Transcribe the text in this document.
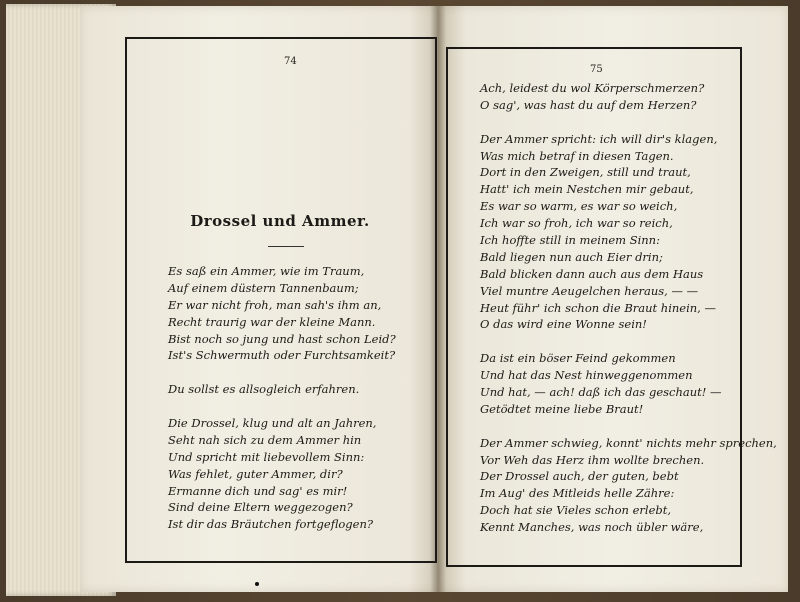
74
75
Drossel und Ammer.
Es saß ein Ammer, wie im Traum,
Auf einem düstern Tannenbaum;
Er war nicht froh, man sah's ihm an,
Recht traurig war der kleine Mann.
Bist noch so jung und hast schon Leid?
Ist's Schwermuth oder Furchtsamkeit?
Du sollst es allsogleich erfahren.
Die Drossel, klug und alt an Jahren,
Seht nah sich zu dem Ammer hin
Und spricht mit liebevollem Sinn:
Was fehlet, guter Ammer, dir?
Ermanne dich und sag' es mir!
Sind deine Eltern weggezogen?
Ist dir das Bräutchen fortgeflogen?
Ach, leidest du wol Körperschmerzen?
O sag', was hast du auf dem Herzen?
Der Ammer spricht: ich will dir's klagen,
Was mich betraf in diesen Tagen.
Dort in den Zweigen, still und traut,
Hatt' ich mein Nestchen mir gebaut,
Es war so warm, es war so weich,
Ich war so froh, ich war so reich,
Ich hoffte still in meinem Sinn:
Bald liegen nun auch Eier drin;
Bald blicken dann auch aus dem Haus
Viel muntre Aeugelchen heraus, — —
Heut führ' ich schon die Braut hinein, —
O das wird eine Wonne sein!
Da ist ein böser Feind gekommen
Und hat das Nest hinweggenommen
Und hat, — ach! daß ich das geschaut! —
Getödtet meine liebe Braut!
Der Ammer schwieg, konnt' nichts mehr sprechen,
Vor Weh das Herz ihm wollte brechen.
Der Drossel auch, der guten, bebt
Im Aug' des Mitleids helle Zähre:
Doch hat sie Vieles schon erlebt,
Kennt Manches, was noch übler wäre,
